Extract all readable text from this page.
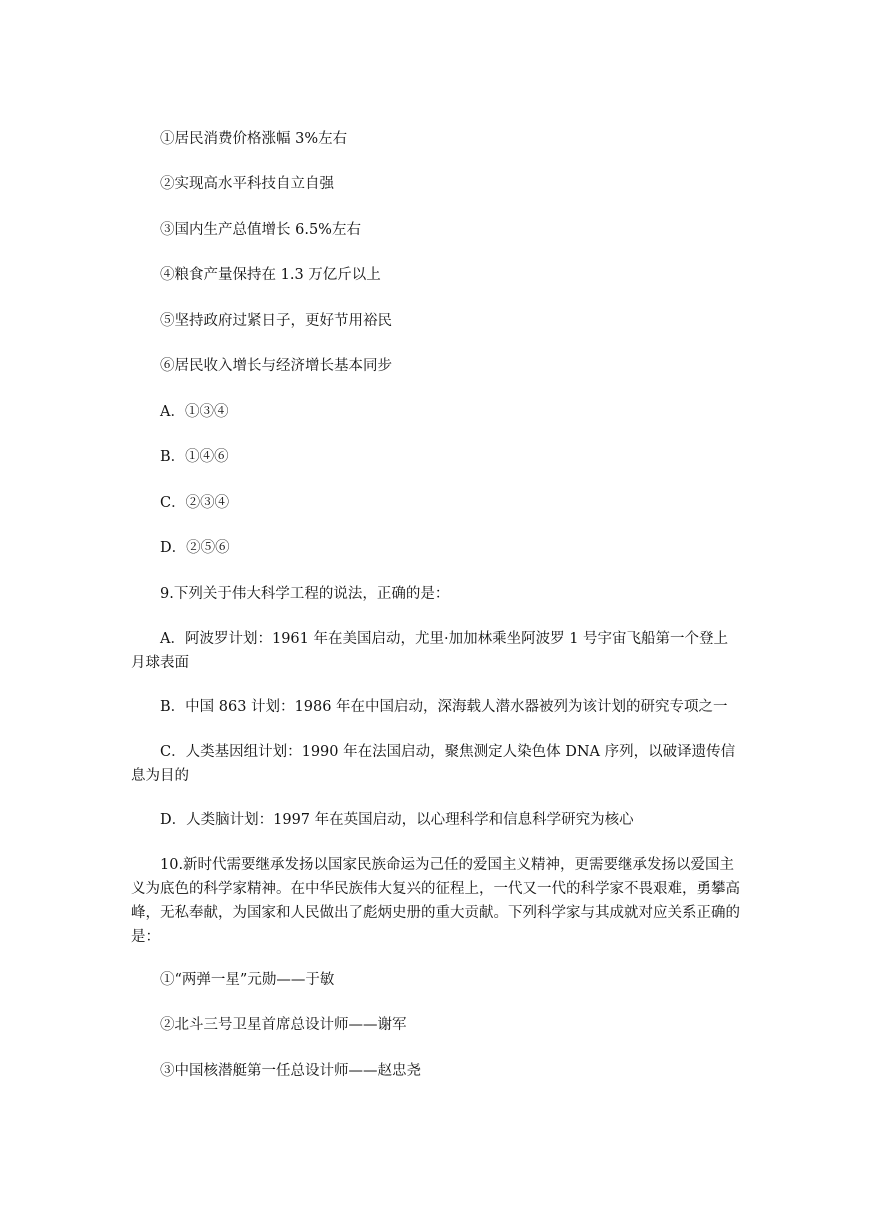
①居民消费价格涨幅 3%左右
②实现高水平科技自立自强
③国内生产总值增长 6.5%左右
④粮食产量保持在 1.3 万亿斤以上
⑤坚持政府过紧日子，更好节用裕民
⑥居民收入增长与经济增长基本同步
A．①③④
B．①④⑥
C．②③④
D．②⑤⑥
9.下列关于伟大科学工程的说法，正确的是：
A．阿波罗计划：1961 年在美国启动，尤里·加加林乘坐阿波罗 1 号宇宙飞船第一个登上月球表面
B．中国 863 计划：1986 年在中国启动，深海载人潜水器被列为该计划的研究专项之一
C．人类基因组计划：1990 年在法国启动，聚焦测定人染色体 DNA 序列，以破译遗传信息为目的
D．人类脑计划：1997 年在英国启动，以心理科学和信息科学研究为核心
10.新时代需要继承发扬以国家民族命运为己任的爱国主义精神，更需要继承发扬以爱国主义为底色的科学家精神。在中华民族伟大复兴的征程上，一代又一代的科学家不畏艰难，勇攀高峰，无私奉献，为国家和人民做出了彪炳史册的重大贡献。下列科学家与其成就对应关系正确的是：
①“两弹一星”元勋——于敏
②北斗三号卫星首席总设计师——谢军
③中国核潜艇第一任总设计师——赵忠尧
